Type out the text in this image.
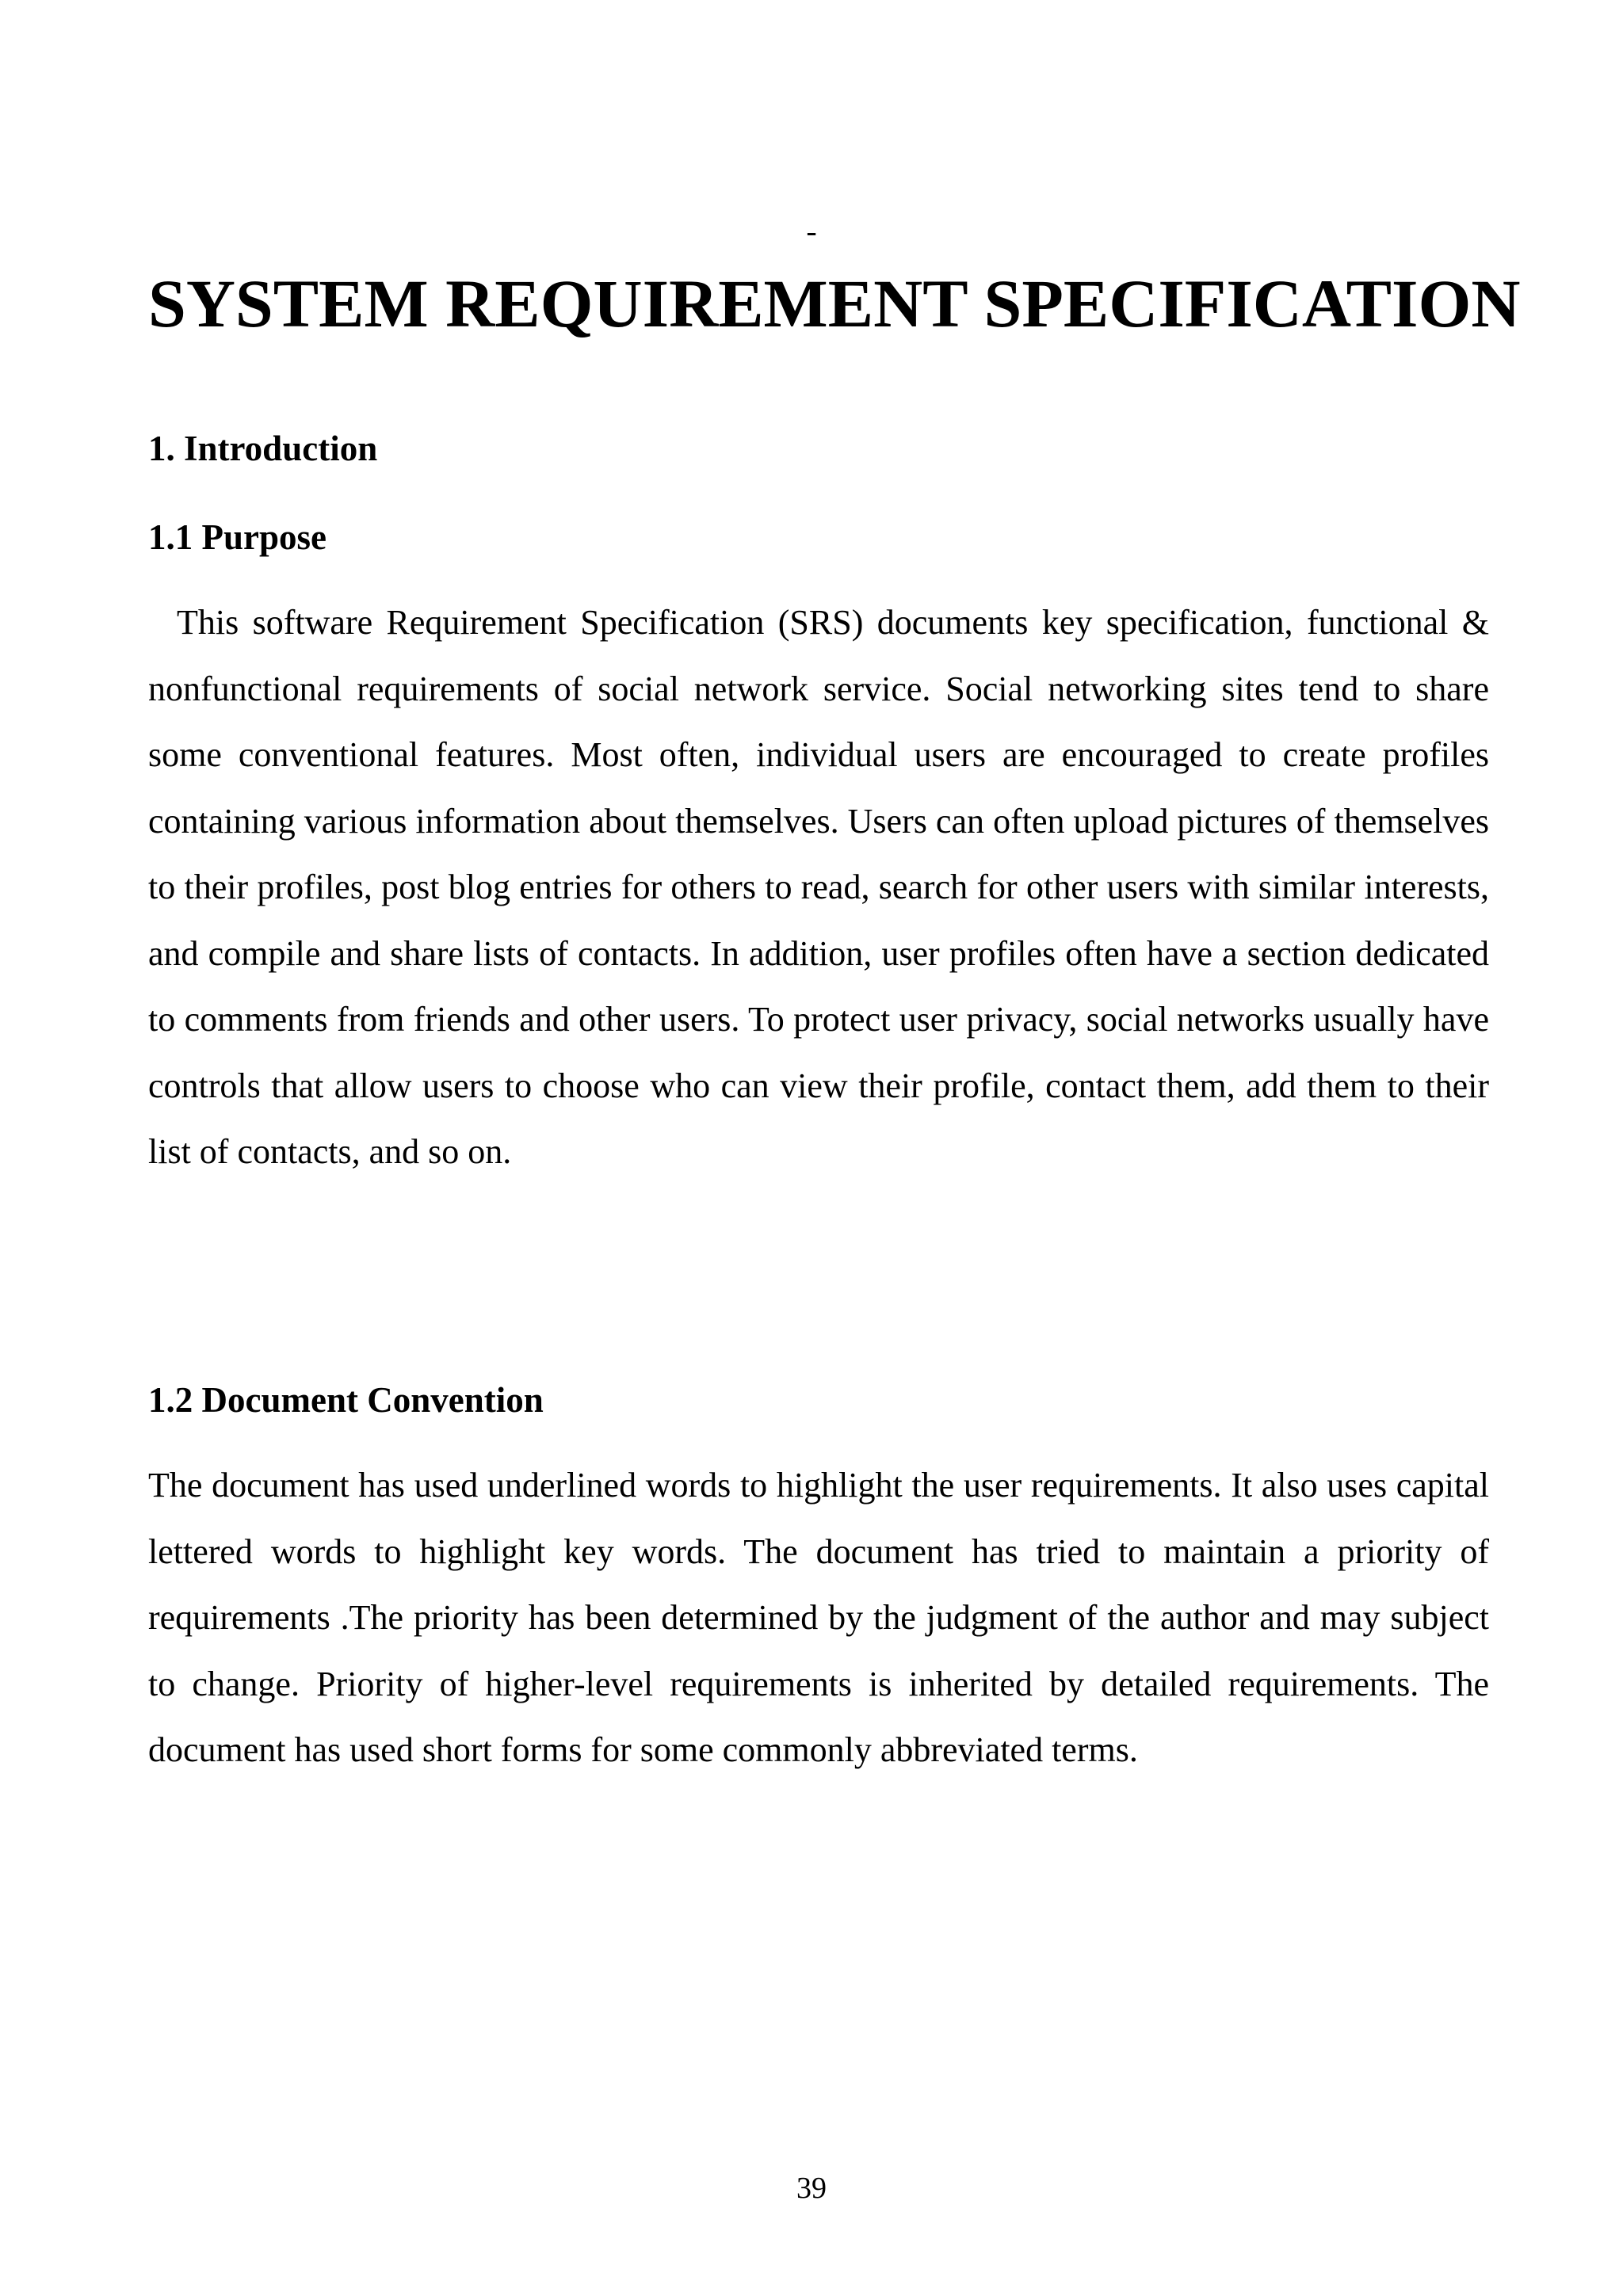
-
SYSTEM REQUIREMENT SPECIFICATION
1. Introduction
1.1 Purpose

This software Requirement Specification (SRS) documents key specification, functional & nonfunctional requirements of social network service. Social networking sites tend to share some conventional features. Most often, individual users are encouraged to create profiles containing various information about themselves. Users can often upload pictures of themselves to their profiles, post blog entries for others to read, search for other users with similar interests, and compile and share lists of contacts. In addition, user profiles often have a section dedicated to comments from friends and other users. To protect user privacy, social networks usually have controls that allow users to choose who can view their profile, contact them, add them to their list of contacts, and so on.

1.2 Document Convention

The document has used underlined words to highlight the user requirements. It also uses capital lettered words to highlight key words. The document has tried to maintain a priority of requirements .The priority has been determined by the judgment of the author and may subject to change. Priority of higher-level requirements is inherited by detailed requirements. The document has used short forms for some commonly abbreviated terms.

39
